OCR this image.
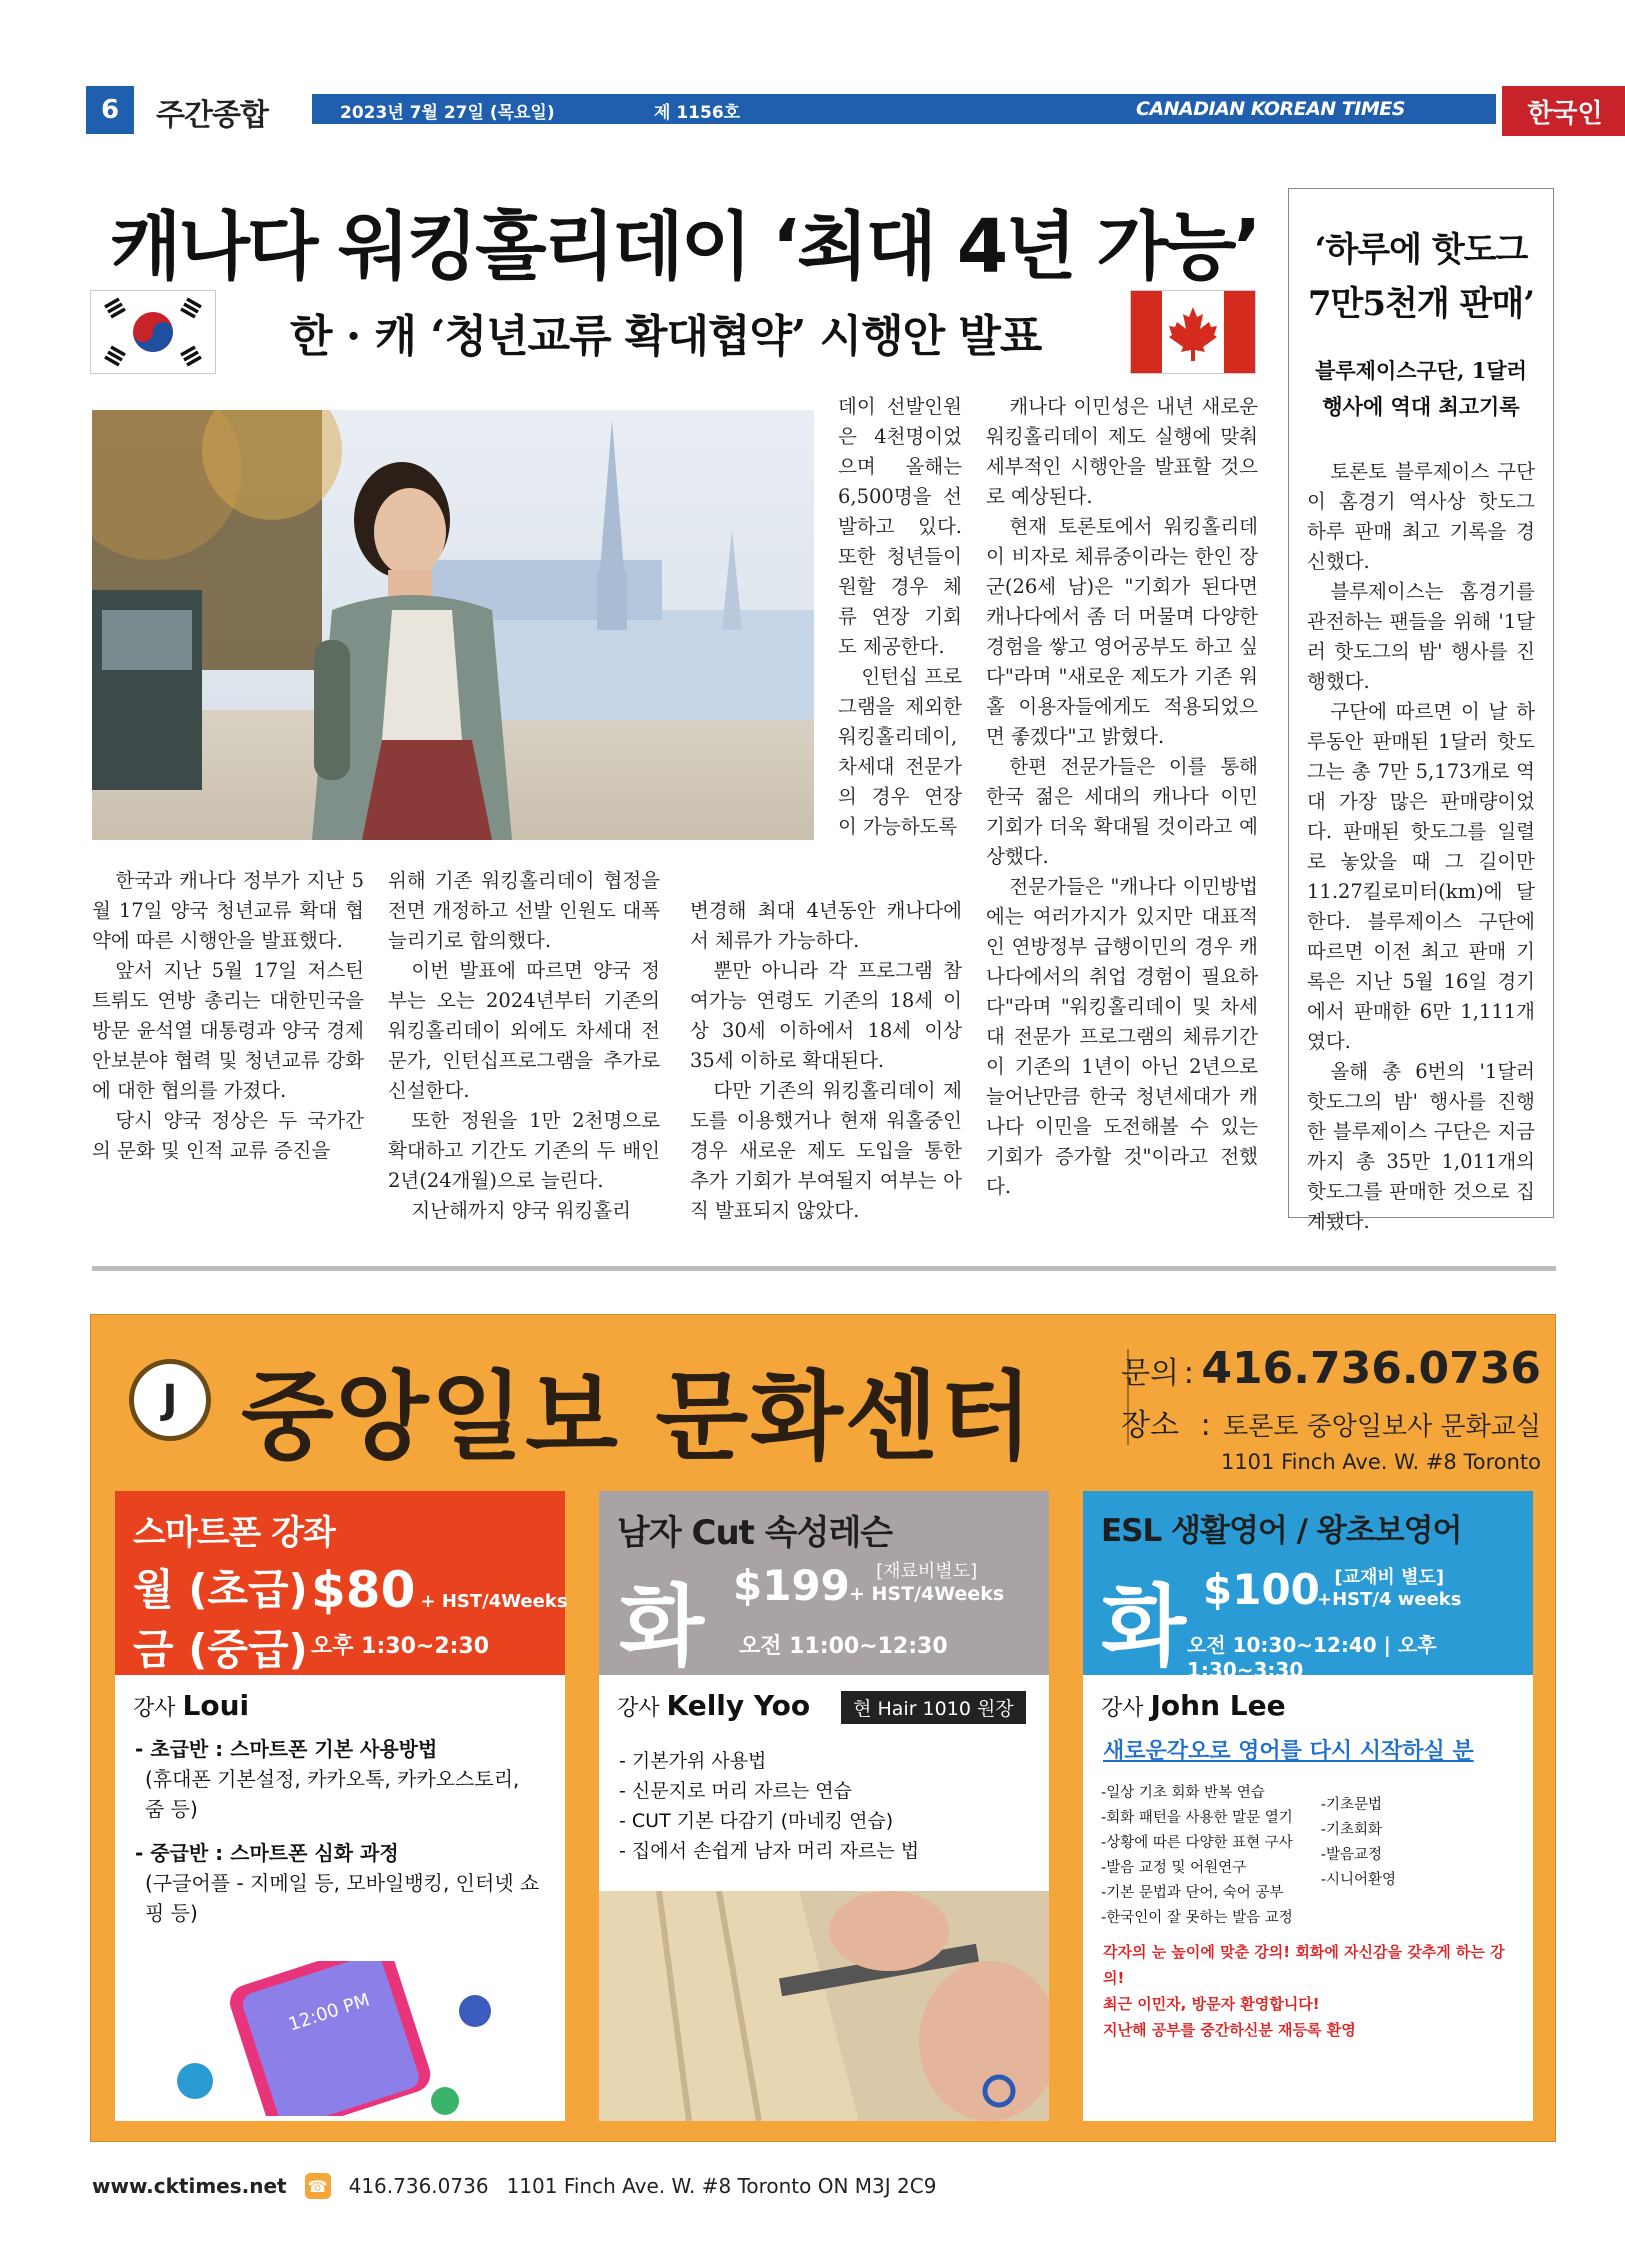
6	주간종합	2023년 7월 27일 (목요일)	제 1156호	CANADIAN KOREAN TIMES	한국인
캐나다 워킹홀리데이 ‘최대 4년 가능’
한 · 캐 ‘청년교류 확대협약’ 시행안 발표

한국과 캐나다 정부가 지난 5월 17일 양국 청년교류 확대 협약에 따른 시행안을 발표했다.

앞서 지난 5월 17일 저스틴 트뤼도 연방 총리는 대한민국을 방문 윤석열 대통령과 양국 경제안보분야 협력 및 청년교류 강화에 대한 협의를 가졌다.

당시 양국 정상은 두 국가간의 문화 및 인적 교류 증진을

위해 기존 워킹홀리데이 협정을 전면 개정하고 선발 인원도 대폭 늘리기로 합의했다.

이번 발표에 따르면 양국 정부는 오는 2024년부터 기존의 워킹홀리데이 외에도 차세대 전문가, 인턴십프로그램을 추가로 신설한다.

또한 정원을 1만 2천명으로 확대하고 기간도 기존의 두 배인 2년(24개월)으로 늘린다.

지난해까지 양국 워킹홀리

데이 선발인원은 4천명이었으며 올해는 6,500명을 선발하고 있다. 또한 청년들이 원할 경우 체류 연장 기회도 제공한다.

인턴십 프로그램을 제외한 워킹홀리데이, 차세대 전문가의 경우 연장이 가능하도록

변경해 최대 4년동안 캐나다에서 체류가 가능하다.

뿐만 아니라 각 프로그램 참여가능 연령도 기존의 18세 이상 30세 이하에서 18세 이상 35세 이하로 확대된다.

다만 기존의 워킹홀리데이 제도를 이용했거나 현재 워홀중인 경우 새로운 제도 도입을 통한 추가 기회가 부여될지 여부는 아직 발표되지 않았다.

캐나다 이민성은 내년 새로운 워킹홀리데이 제도 실행에 맞춰 세부적인 시행안을 발표할 것으로 예상된다.

현재 토론토에서 워킹홀리데이 비자로 체류중이라는 한인 장군(26세 남)은 "기회가 된다면 캐나다에서 좀 더 머물며 다양한 경험을 쌓고 영어공부도 하고 싶다"라며 "새로운 제도가 기존 워홀 이용자들에게도 적용되었으면 좋겠다"고 밝혔다.

한편 전문가들은 이를 통해 한국 젊은 세대의 캐나다 이민 기회가 더욱 확대될 것이라고 예상했다.

전문가들은 "캐나다 이민방법에는 여러가지가 있지만 대표적인 연방정부 급행이민의 경우 캐나다에서의 취업 경험이 필요하다"라며 "워킹홀리데이 및 차세대 전문가 프로그램의 체류기간이 기존의 1년이 아닌 2년으로 늘어난만큼 한국 청년세대가 캐나다 이민을 도전해볼 수 있는 기회가 증가할 것"이라고 전했다.

‘하루에 핫도그 7만5천개 판매’
블루제이스구단, 1달러 행사에 역대 최고기록

토론토 블루제이스 구단이 홈경기 역사상 핫도그 하루 판매 최고 기록을 경신했다.

블루제이스는 홈경기를 관전하는 팬들을 위해 '1달러 핫도그의 밤' 행사를 진행했다.

구단에 따르면 이 날 하루동안 판매된 1달러 핫도그는 총 7만 5,173개로 역대 가장 많은 판매량이었다. 판매된 핫도그를 일렬로 놓았을 때 그 길이만 11.27킬로미터(km)에 달한다. 블루제이스 구단에 따르면 이전 최고 판매 기록은 지난 5월 16일 경기에서 판매한 6만 1,111개였다.

올해 총 6번의 '1달러 핫도그의 밤' 행사를 진행한 블루제이스 구단은 지금까지 총 35만 1,011개의 핫도그를 판매한 것으로 집계됐다.

J 중앙일보 문화센터	문의 : 416.736.0736
장소 : 토론토 중앙일보사 문화교실
1101 Finch Ave. W. #8 Toronto
스마트폰 강좌
월 (초급)
금 (중급)
$80 + HST/4Weeks
오후 1:30~2:30
강사 Loui
- 초급반 : 스마트폰 기본 사용방법
(휴대폰 기본설정, 카카오톡, 카카오스토리, 줌 등)
- 중급반 : 스마트폰 심화 과정
(구글어플 - 지메일 등, 모바일뱅킹, 인터넷 쇼핑 등)
12:00 PM
남자 Cut 속성레슨
화 $199	[재료비별도]
+ HST/4Weeks
오전 11:00~12:30
강사 Kelly Yoo 현 Hair 1010 원장
- 기본가위 사용법
- 신문지로 머리 자르는 연습
- CUT 기본 다감기 (마네킹 연습)
- 집에서 손쉽게 남자 머리 자르는 법
ESL 생활영어 / 왕초보영어
화 $100 [교재비 별도]
+HST/4 weeks
오전 10:30~12:40 | 오후 1:30~3:30
강사 John Lee
새로운각오로 영어를 다시 시작하실 분
-일상 기초 회화 반복 연습
-회화 패턴을 사용한 말문 열기
-상황에 따른 다양한 표현 구사
-발음 교정 및 어원연구
-기본 문법과 단어, 숙어 공부
-한국인이 잘 못하는 발음 교정
-기초문법
-기초회화
-발음교정
-시니어환영
각자의 눈 높이에 맞춘 강의! 회화에 자신감을 갖추게 하는 강의!
최근 이민자, 방문자 환영합니다!
지난해 공부를 중간하신분 재등록 환영
www.cktimes.net ☎ 416.736.0736 1101 Finch Ave. W. #8 Toronto ON M3J 2C9
